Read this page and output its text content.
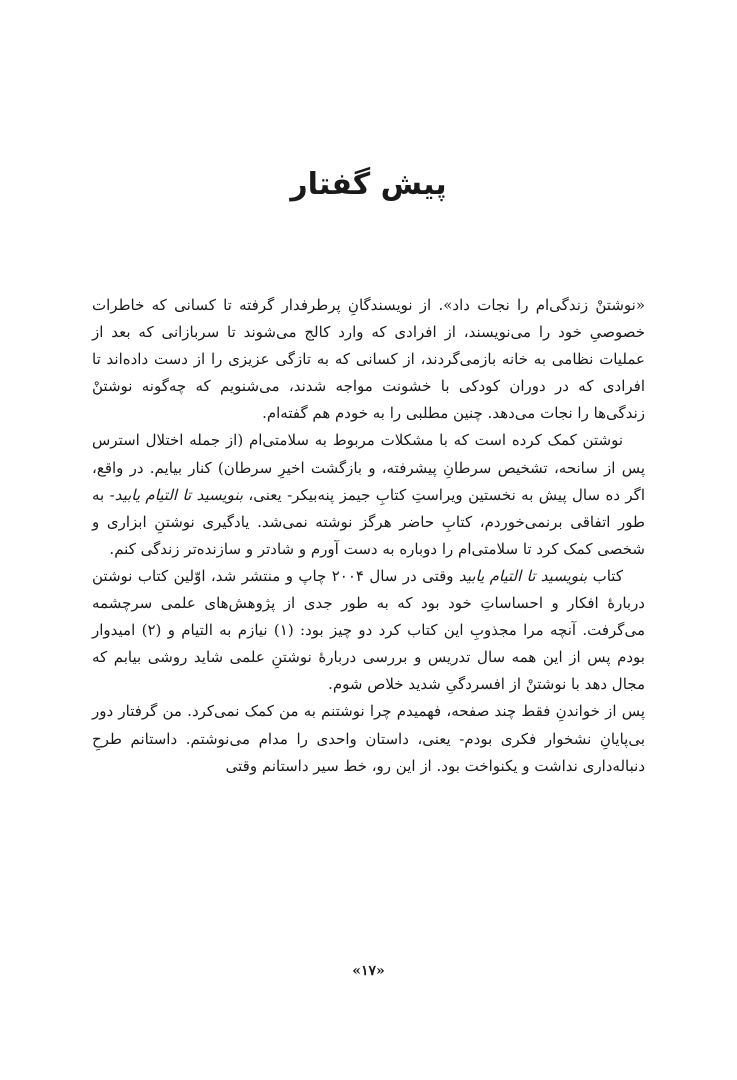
پیش گفتار

«نوشتنْ زندگی‌ام را نجات داد». از نویسندگانِ پرطرفدار گرفته تا کسانی که خاطرات خصوصیِ خود را می‌نویسند، از افرادی که وارد کالج می‌شوند تا سربازانی که بعد از عملیات نظامی به خانه بازمی‌گردند، از کسانی که به تازگی عزیزی را از دست داده‌اند تا افرادی که در دوران کودکی با خشونت مواجه شدند، می‌شنویم که چه‌گونه نوشتنْ زندگی‌ها را نجات می‌دهد. چنین مطلبی را به خودم هم گفته‌ام.

نوشتن کمک کرده است که با مشکلات مربوط به سلامتی‌ام (از جمله اختلال استرس پس از سانحه، تشخیص سرطانِ پیشرفته، و بازگشت اخیرِ سرطان) کنار بیایم. در واقع، اگر ده سال پیش به نخستین ویراستِ کتابِ جیمز پنه‌بیکر- یعنی، بنویسید تا التیام یابید- به طور اتفاقی برنمی‌خوردم، کتابِ حاضر هرگز نوشته نمی‌شد. یادگیری نوشتنِ ابزاری و شخصی کمک کرد تا سلامتی‌ام را دوباره به دست آورم و شادتر و سازنده‌تر زندگی کنم.

کتاب بنویسید تا التیام یابید وقتی در سال ۲۰۰۴ چاپ و منتشر شد، اوّلین کتاب نوشتن دربارهٔ افکار و احساساتِ خود بود که به طور جدی از پژوهش‌های علمی سرچشمه می‌گرفت. آنچه مرا مجذوبِ این کتاب کرد دو چیز بود: (۱) نیازم به التیام و (۲) امیدوار بودم پس از این همه سال تدریس و بررسی دربارهٔ نوشتنِ علمی شاید روشی بیابم که مجال دهد با نوشتنْ از افسردگیِ شدید خلاص شوم.

پس از خواندنِ فقط چند صفحه، فهمیدم چرا نوشتنم به من کمک نمی‌کرد. من گرفتار دور بی‌پایانِ نشخوار فکری بودم- یعنی، داستان واحدی را مدام می‌نوشتم. داستانم طرحِ دنباله‌داری نداشت و یکنواخت بود. از این رو، خط سیر داستانم وقتی

«۱۷»
